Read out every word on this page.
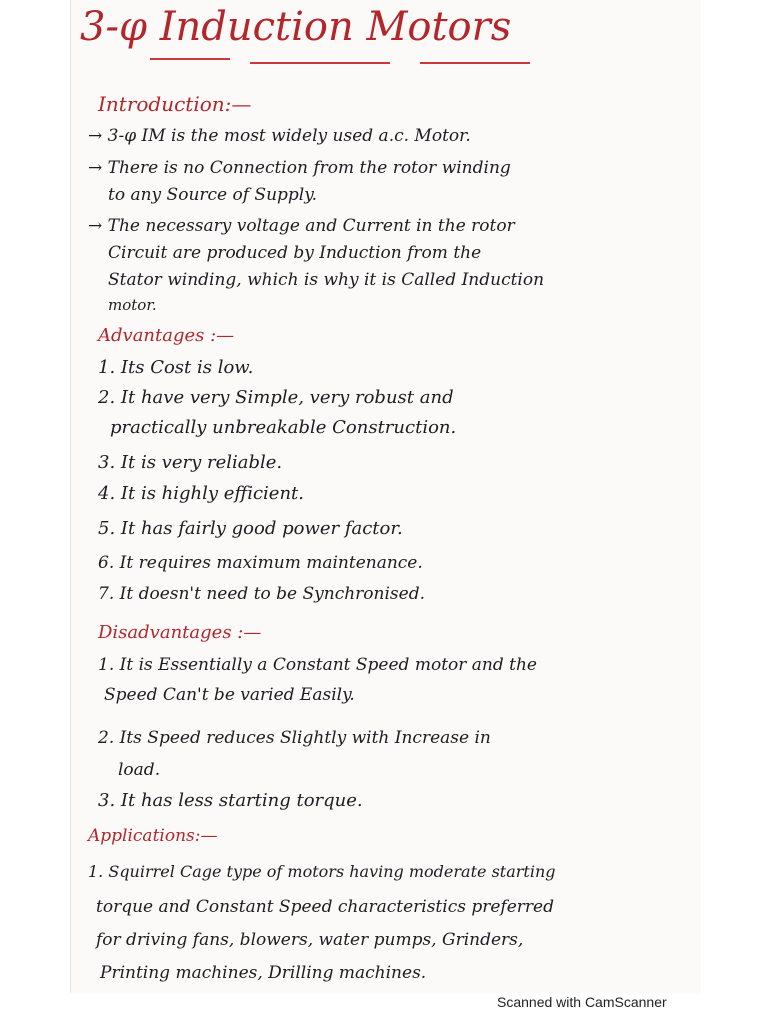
3-φ Induction Motors
Introduction:—
→ 3-φ IM is the most widely used a.c. Motor.
→ There is no Connection from the rotor winding
to any Source of Supply.
→ The necessary voltage and Current in the rotor
Circuit are produced by Induction from the
Stator winding, which is why it is Called Induction
motor.
Advantages :—
1. Its Cost is low.
2. It have very Simple, very robust and
practically unbreakable Construction.
3. It is very reliable.
4. It is highly efficient.
5. It has fairly good power factor.
6. It requires maximum maintenance.
7. It doesn't need to be Synchronised.
Disadvantages :—
1. It is Essentially a Constant Speed motor and the
Speed Can't be varied Easily.
2. Its Speed reduces Slightly with Increase in
load.
3. It has less starting torque.
Applications:—
1. Squirrel Cage type of motors having moderate starting
torque and Constant Speed characteristics preferred
for driving fans, blowers, water pumps, Grinders,
Printing machines, Drilling machines.
Scanned with CamScanner
